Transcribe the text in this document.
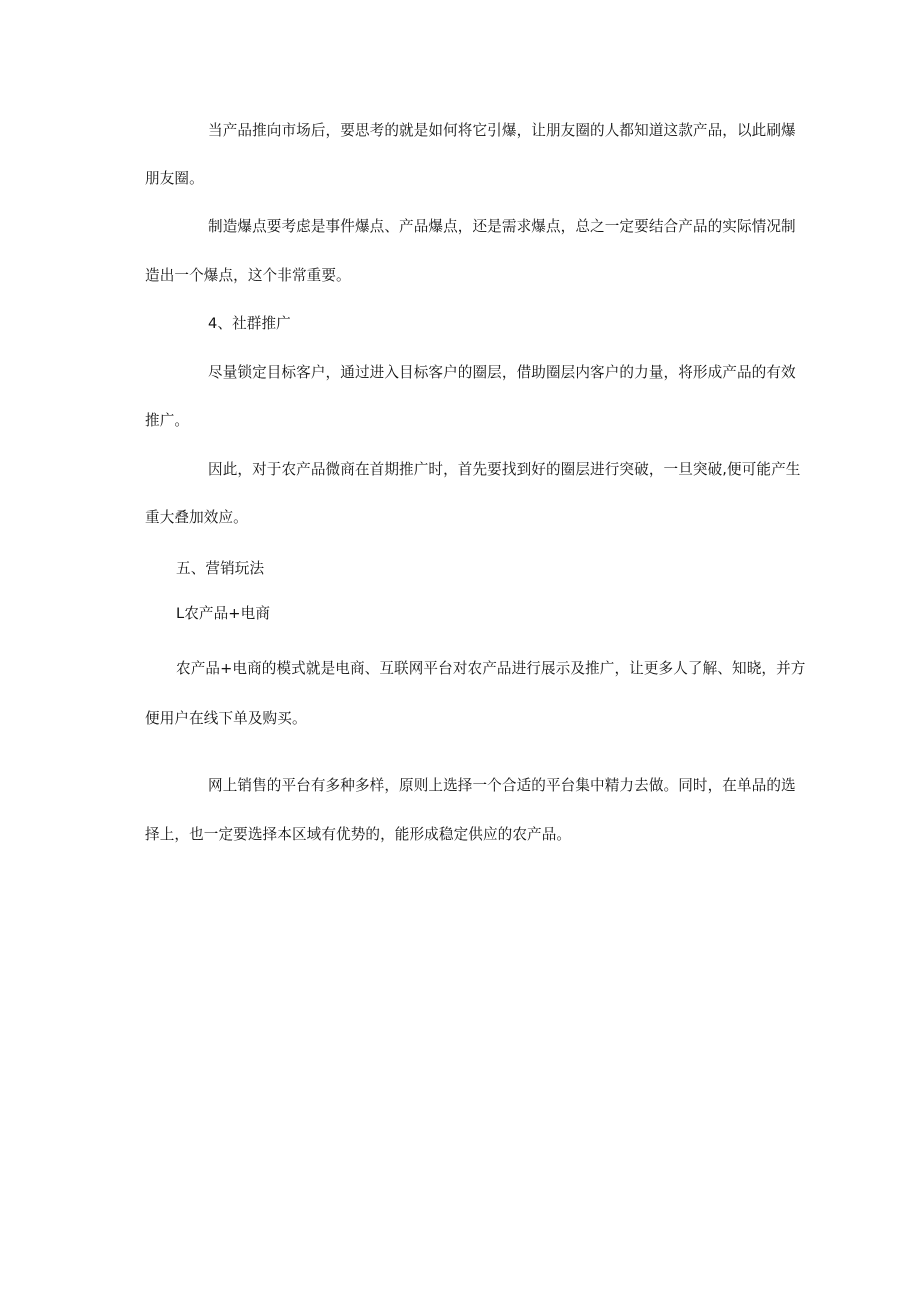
当产品推向市场后，要思考的就是如何将它引爆，让朋友圈的人都知道这款产品，以此刷爆

朋友圈。

制造爆点要考虑是事件爆点、产品爆点，还是需求爆点，总之一定要结合产品的实际情况制

造出一个爆点，这个非常重要。

4、社群推广

尽量锁定目标客户，通过进入目标客户的圈层，借助圈层内客户的力量，将形成产品的有效

推广。

因此，对于农产品微商在首期推广时，首先要找到好的圈层进行突破，一旦突破,便可能产生

重大叠加效应。

五、营销玩法

L农产品+电商

农产品+电商的模式就是电商、互联网平台对农产品进行展示及推广，让更多人了解、知晓，并方

便用户在线下单及购买。

网上销售的平台有多种多样，原则上选择一个合适的平台集中精力去做。同时，在单品的选

择上，也一定要选择本区域有优势的，能形成稳定供应的农产品。
